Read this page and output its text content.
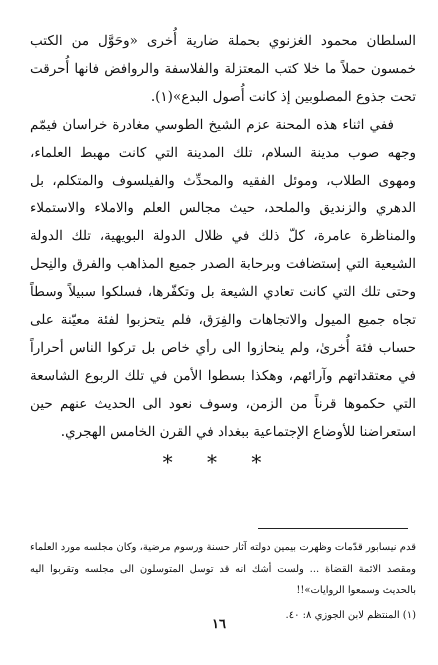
السلطان محمود الغزنوي بحملة ضارية أُخرى «وحَوَّل من الكتب خمسون حملاً ما خلا كتب المعتزلة والفلاسفة والروافض فانها أُحرقت تحت جذوع المصلوبين إذ كانت أُصول البدع»(١).

ففي اثناء هذه المحنة عزم الشيخ الطوسي مغادرة خراسان فيمّم وجهه صوب مدينة السلام، تلك المدينة التي كانت مهبط العلماء، ومهوى الطلاب، وموئل الفقيه والمحدِّث والفيلسوف والمتكلم، بل الدهري والزنديق والملحد، حيث مجالس العلم والاملاء والاستملاء والمناظرة عامرة، كلّ ذلك في ظلال الدولة البويهية، تلك الدولة الشيعية التي إستضافت وبرحابة الصدر جميع المذاهب والفرق والنِحل وحتى تلك التي كانت تعادي الشيعة بل وتكفّرها، فسلكوا سبيلاً وسطاً تجاه جميع الميول والاتجاهات والفِرَق، فلم يتحزبوا لفئة معيّنة على حساب فئة أُخرىٰ، ولم ينحازوا الى رأي خاص بل تركوا الناس أحراراً في معتقداتهم وآرائهم، وهكذا بسطوا الأمن في تلك الربوع الشاسعة التي حكموها قرناً من الزمن، وسوف نعود الى الحديث عنهم حين استعراضنا للأوضاع الإجتماعية ببغداد في القرن الخامس الهجري.

* * *

قدم نيسابور قدّمات وظهرت بيمين دولته آثار حسنة ورسوم مرضية، وكان مجلسه مورد العلماء ومقصد الائمة القضاة ... ولست أشك انه قد توسل المتوسلون الى مجلسه وتقربوا اليه بالحديث وسمعوا الروايات»!!

(١) المنتظم لابن الجوزي ٨: ٤٠.

١٦
